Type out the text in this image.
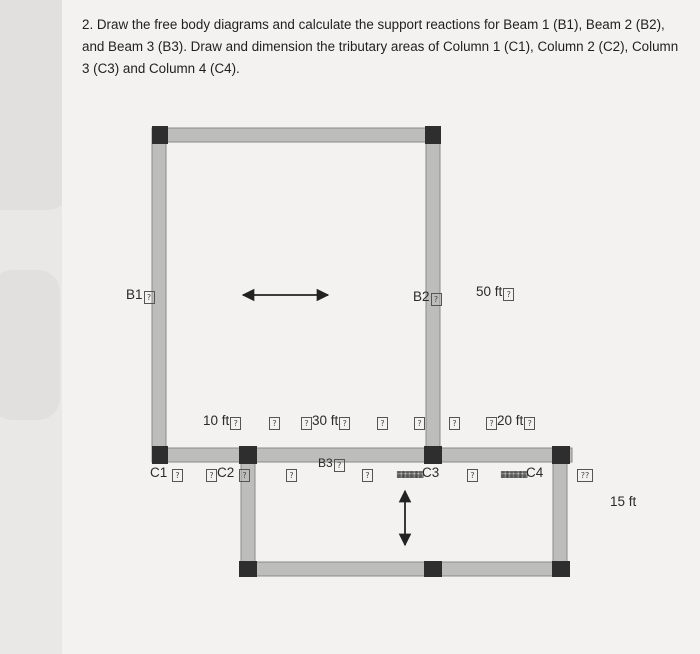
2. Draw the free body diagrams and calculate the support reactions for Beam 1 (B1), Beam 2 (B2), and Beam 3 (B3). Draw and dimension the tributary areas of Column 1 (C1), Column 2 (C2), Column 3 (C3) and Column 4 (C4).

B1 ?	B2 ?
B3 ?
50 ft ?
10 ft ?	? 30 ft ?	? 20 ft ?
15 ft
?	?	?	?
C1 ?	? C2 ?	?	?	▦▦▦▦C3	?	▦▦▦▦C4	??
